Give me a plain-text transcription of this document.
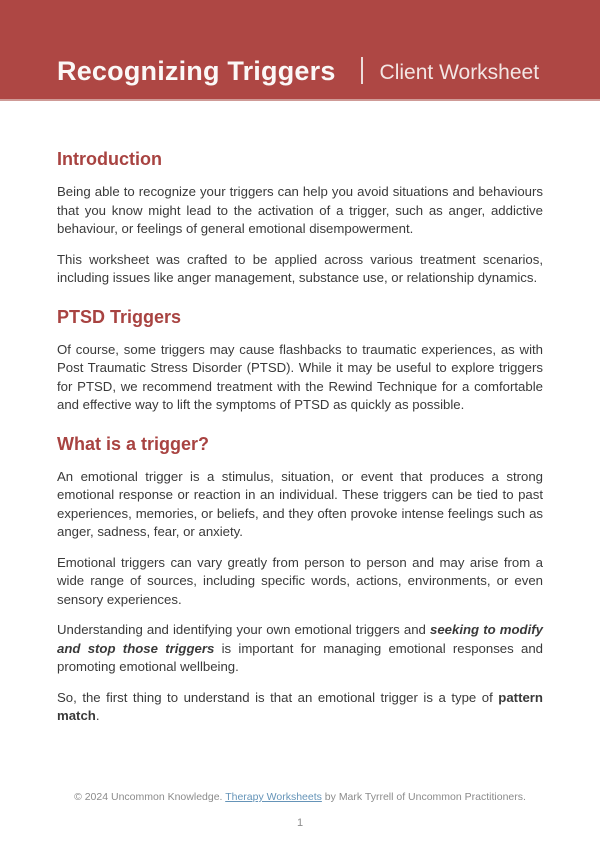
Recognizing Triggers Client Worksheet
Introduction

Being able to recognize your triggers can help you avoid situations and behaviours that you know might lead to the activation of a trigger, such as anger, addictive behaviour, or feelings of general emotional disempowerment.

This worksheet was crafted to be applied across various treatment scenarios, including issues like anger management, substance use, or relationship dynamics.

PTSD Triggers

Of course, some triggers may cause flashbacks to traumatic experiences, as with Post Traumatic Stress Disorder (PTSD). While it may be useful to explore triggers for PTSD, we recommend treatment with the Rewind Technique for a comfortable and effective way to lift the symptoms of PTSD as quickly as possible.

What is a trigger?

An emotional trigger is a stimulus, situation, or event that produces a strong emotional response or reaction in an individual. These triggers can be tied to past experiences, memories, or beliefs, and they often provoke intense feelings such as anger, sadness, fear, or anxiety.

Emotional triggers can vary greatly from person to person and may arise from a wide range of sources, including specific words, actions, environments, or even sensory experiences.

Understanding and identifying your own emotional triggers and seeking to modify and stop those triggers is important for managing emotional responses and promoting emotional wellbeing.

So, the first thing to understand is that an emotional trigger is a type of pattern match.

© 2024 Uncommon Knowledge. Therapy Worksheets by Mark Tyrrell of Uncommon Practitioners.
1
